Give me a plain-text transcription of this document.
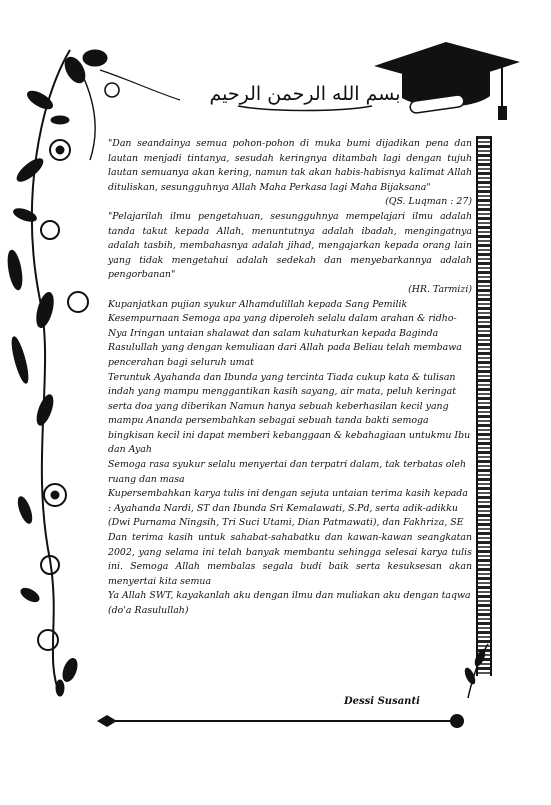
بسم الله الرحمن الرحيم

"Dan seandainya semua pohon-pohon di muka bumi dijadikan pena dan lautan menjadi tintanya, sesudah keringnya ditambah lagi dengan tujuh lautan semuanya akan kering, namun tak akan habis-habisnya kalimat Allah dituliskan, sesungguhnya Allah Maha Perkasa lagi Maha Bijaksana"

(QS. Luqman : 27)

"Pelajarilah ilmu pengetahuan, sesungguhnya mempelajari ilmu adalah tanda takut kepada Allah, menuntutnya adalah ibadah, mengingatnya adalah tasbih, membahasnya adalah jihad, mengajarkan kepada orang lain yang tidak mengetahui adalah sedekah dan menyebarkannya adalah pengorbanan"

(HR. Tarmizi)

Kupanjatkan pujian syukur Alhamdulillah kepada Sang Pemilik Kesempurnaan Semoga apa yang diperoleh selalu dalam arahan & ridho-Nya Iringan untaian shalawat dan salam kuhaturkan kepada Baginda Rasulullah yang dengan kemuliaan dari Allah pada Beliau telah membawa pencerahan bagi seluruh umat

Teruntuk Ayahanda dan Ibunda yang tercinta Tiada cukup kata & tulisan indah yang mampu menggantikan kasih sayang, air mata, peluh keringat serta doa yang diberikan Namun hanya sebuah keberhasilan kecil yang mampu Ananda persembahkan sebagai sebuah tanda bakti semoga bingkisan kecil ini dapat memberi kebanggaan & kebahagiaan untukmu Ibu dan Ayah

Semoga rasa syukur selalu menyertai dan terpatri dalam, tak terbatas oleh ruang dan masa

Kupersembahkan karya tulis ini dengan sejuta untaian terima kasih kepada : Ayahanda Nardi, ST dan Ibunda Sri Kemalawati, S.Pd, serta adik-adikku (Dwi Purnama Ningsih, Tri Suci Utami, Dian Patmawati), dan Fakhriza, SE

Dan terima kasih untuk sahabat-sahabatku dan kawan-kawan seangkatan 2002, yang selama ini telah banyak membantu sehingga selesai karya tulis ini. Semoga Allah membalas segala budi baik serta kesuksesan akan menyertai kita semua

Ya Allah SWT, kayakanlah aku dengan ilmu dan muliakan aku dengan taqwa (do'a Rasulullah)

Dessi Susanti
